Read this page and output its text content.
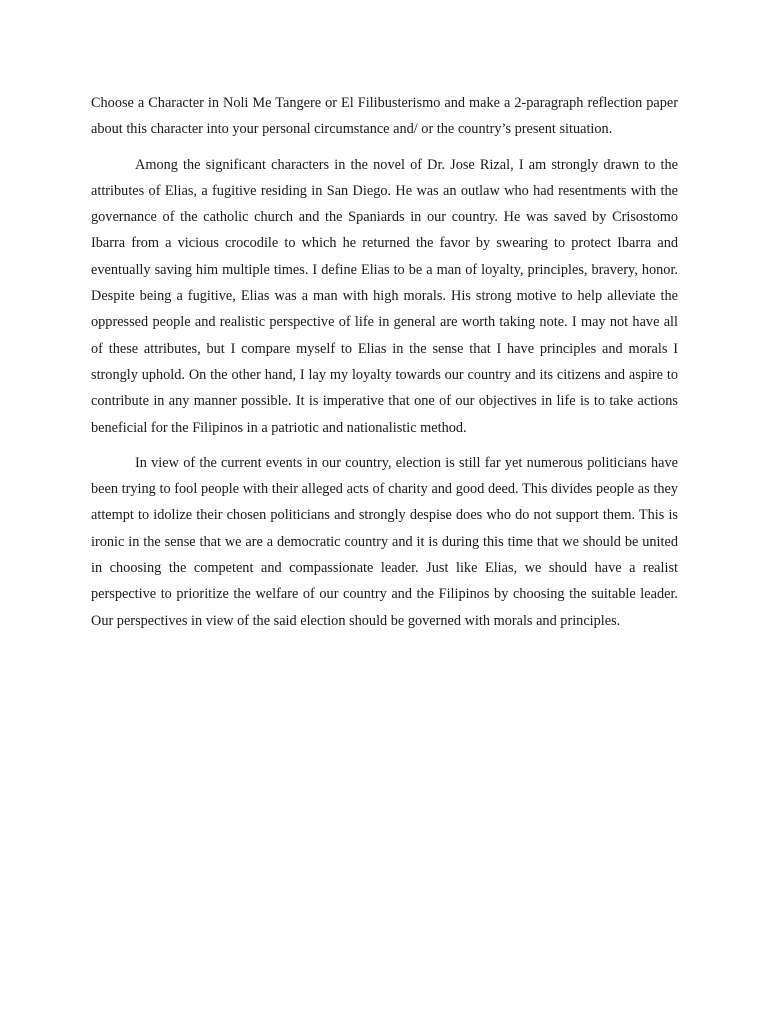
Choose a Character in Noli Me Tangere or El Filibusterismo and make a 2-paragraph reflection paper about this character into your personal circumstance and/ or the country’s present situation.

Among the significant characters in the novel of Dr. Jose Rizal, I am strongly drawn to the attributes of Elias, a fugitive residing in San Diego. He was an outlaw who had resentments with the governance of the catholic church and the Spaniards in our country. He was saved by Crisostomo Ibarra from a vicious crocodile to which he returned the favor by swearing to protect Ibarra and eventually saving him multiple times. I define Elias to be a man of loyalty, principles, bravery, honor. Despite being a fugitive, Elias was a man with high morals. His strong motive to help alleviate the oppressed people and realistic perspective of life in general are worth taking note. I may not have all of these attributes, but I compare myself to Elias in the sense that I have principles and morals I strongly uphold. On the other hand, I lay my loyalty towards our country and its citizens and aspire to contribute in any manner possible. It is imperative that one of our objectives in life is to take actions beneficial for the Filipinos in a patriotic and nationalistic method.

In view of the current events in our country, election is still far yet numerous politicians have been trying to fool people with their alleged acts of charity and good deed. This divides people as they attempt to idolize their chosen politicians and strongly despise does who do not support them. This is ironic in the sense that we are a democratic country and it is during this time that we should be united in choosing the competent and compassionate leader. Just like Elias, we should have a realist perspective to prioritize the welfare of our country and the Filipinos by choosing the suitable leader. Our perspectives in view of the said election should be governed with morals and principles.
